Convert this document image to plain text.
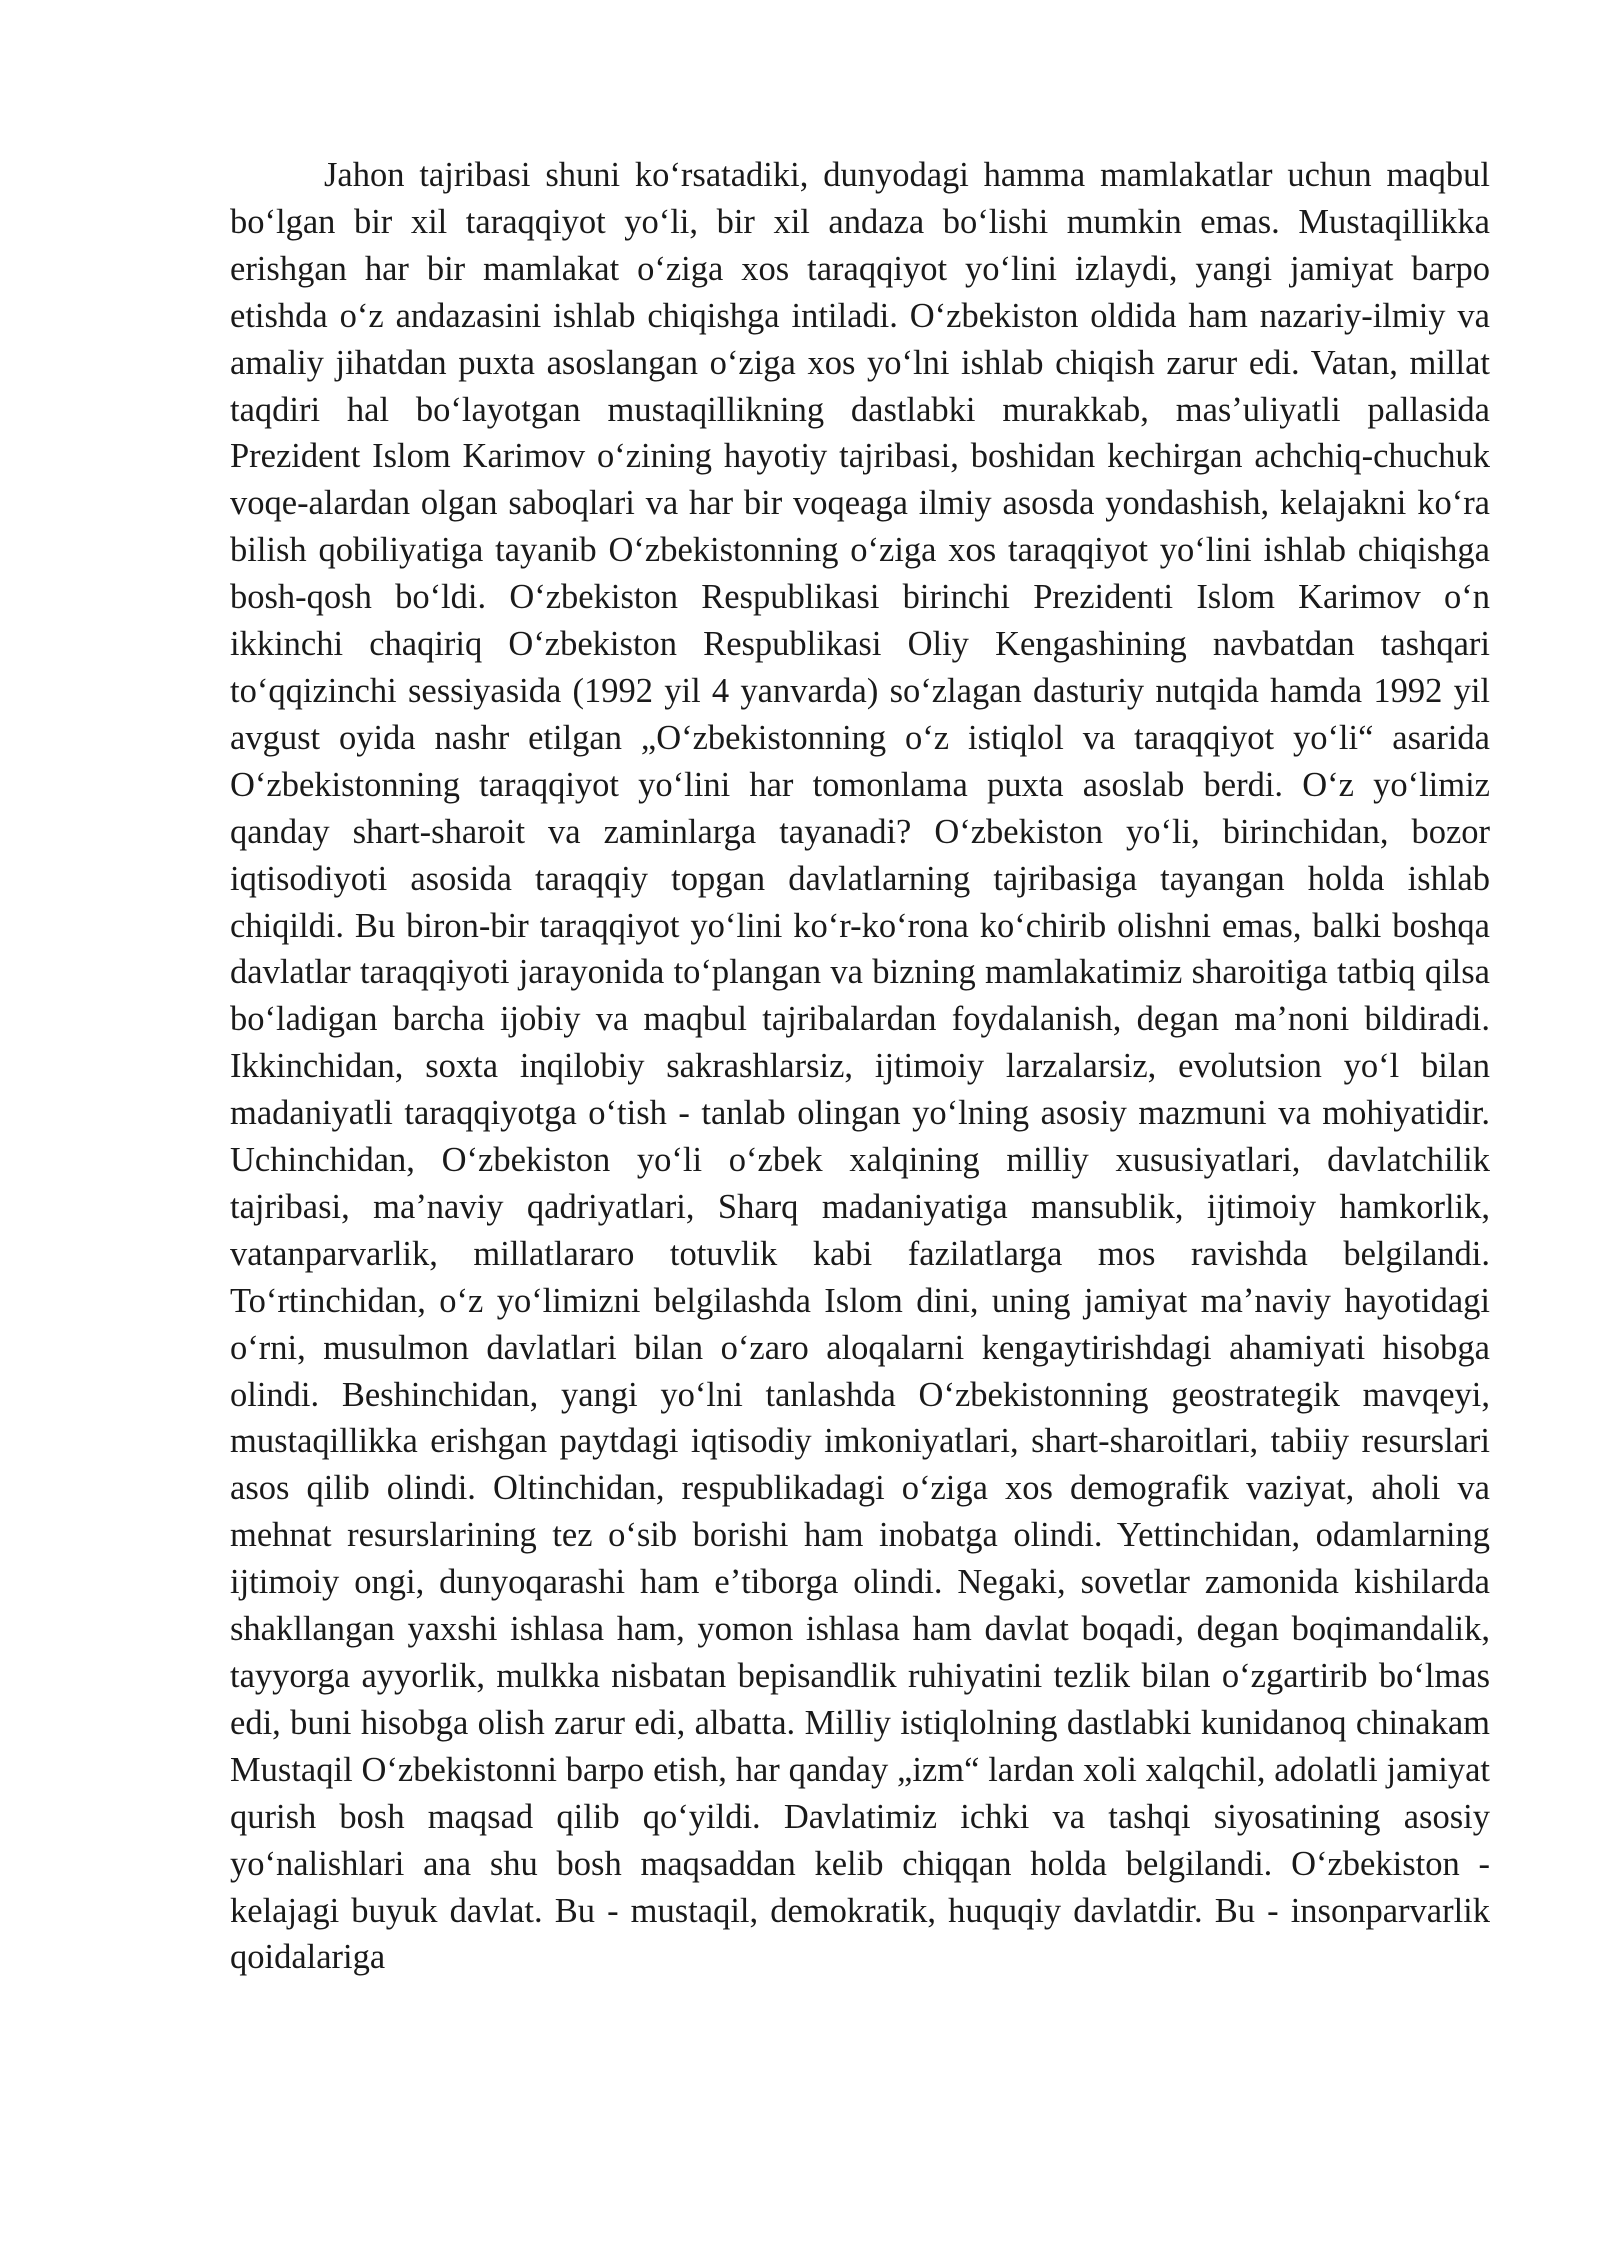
Jahon tajribasi shuni koʻrsatadiki, dunyodagi hamma mamlakatlar uchun maqbul boʻlgan bir xil taraqqiyot yoʻli, bir xil andaza boʻlishi mumkin emas. Mustaqillikka erishgan har bir mamlakat oʻziga xos taraqqiyot yoʻlini izlaydi, yangi jamiyat barpo etishda oʻz andazasini ishlab chiqishga intiladi. Oʻzbekiston oldida ham nazariy-ilmiy va amaliy jihatdan puxta asoslangan oʻziga xos yoʻlni ishlab chiqish zarur edi. Vatan, millat taqdiri hal boʻlayotgan mustaqillikning dastlabki murakkab, masʼuliyatli pallasida Prezident Islom Karimov oʻzining hayotiy tajribasi, boshidan kechirgan achchiq-chuchuk voqe-alardan olgan saboqlari va har bir voqeaga ilmiy asosda yondashish, kelajakni koʻra bilish qobiliyatiga tayanib Oʻzbekistonning oʻziga xos taraqqiyot yoʻlini ishlab chiqishga bosh-qosh boʻldi. Oʻzbekiston Respublikasi birinchi Prezidenti Islom Karimov oʻn ikkinchi chaqiriq Oʻzbekiston Respublikasi Oliy Kengashining navbatdan tashqari toʻqqizinchi sessiyasida (1992 yil 4 yanvarda) soʻzlagan dasturiy nutqida hamda 1992 yil avgust oyida nashr etilgan „Oʻzbekistonning oʻz istiqlol va taraqqiyot yoʻli“ asarida Oʻzbekistonning taraqqiyot yoʻlini har tomonlama puxta asoslab berdi. Oʻz yoʻlimiz qanday shart-sharoit va zaminlarga tayanadi? Oʻzbekiston yoʻli, birinchidan, bozor iqtisodiyoti asosida taraqqiy topgan davlatlarning tajribasiga tayangan holda ishlab chiqildi. Bu biron-bir taraqqiyot yoʻlini koʻr-koʻrona koʻchirib olishni emas, balki boshqa davlatlar taraqqiyoti jarayonida toʻplangan va bizning mamlakatimiz sharoitiga tatbiq qilsa boʻladigan barcha ijobiy va maqbul tajribalardan foydalanish, degan maʼnoni bildiradi. Ikkinchidan, soxta inqilobiy sakrashlarsiz, ijtimoiy larzalarsiz, evolutsion yoʻl bilan madaniyatli taraqqiyotga oʻtish - tanlab olingan yoʻlning asosiy mazmuni va mohiyatidir. Uchinchidan, Oʻzbekiston yoʻli oʻzbek xalqining milliy xususiyatlari, davlatchilik tajribasi, maʼnaviy qadriyatlari, Sharq madaniyatiga mansublik, ijtimoiy hamkorlik, vatanparvarlik, millatlararo totuvlik kabi fazilatlarga mos ravishda belgilandi. Toʻrtinchidan, oʻz yoʻlimizni belgilashda Islom dini, uning jamiyat maʼnaviy hayotidagi oʻrni, musulmon davlatlari bilan oʻzaro aloqalarni kengaytirishdagi ahamiyati hisobga olindi. Beshinchidan, yangi yoʻlni tanlashda Oʻzbekistonning geostrategik mavqeyi, mustaqillikka erishgan paytdagi iqtisodiy imkoniyatlari, shart-sharoitlari, tabiiy resurslari asos qilib olindi. Oltinchidan, respublikadagi oʻziga xos demografik vaziyat, aholi va mehnat resurslarining tez oʻsib borishi ham inobatga olindi. Yettinchidan, odamlarning ijtimoiy ongi, dunyoqarashi ham eʼtiborga olindi. Negaki, sovetlar zamonida kishilarda shakllangan yaxshi ishlasa ham, yomon ishlasa ham davlat boqadi, degan boqimandalik, tayyorga ayyorlik, mulkka nisbatan bepisandlik ruhiyatini tezlik bilan oʻzgartirib boʻlmas edi, buni hisobga olish zarur edi, albatta. Milliy istiqlolning dastlabki kunidanoq chinakam Mustaqil Oʻzbekistonni barpo etish, har qanday „izm“ lardan xoli xalqchil, adolatli jamiyat qurish bosh maqsad qilib qoʻyildi. Davlatimiz ichki va tashqi siyosatining asosiy yoʻnalishlari ana shu bosh maqsaddan kelib chiqqan holda belgilandi. Oʻzbekiston - kelajagi buyuk davlat. Bu - mustaqil, demokratik, huquqiy davlatdir. Bu - insonparvarlik qoidalariga
